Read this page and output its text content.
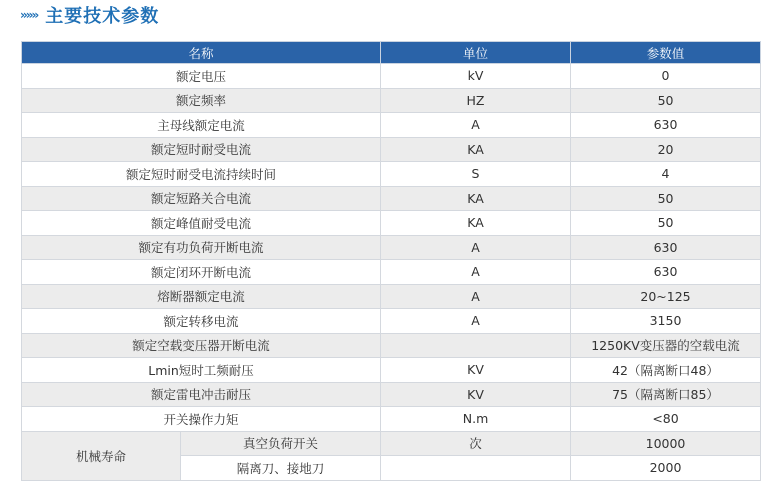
»»» 主要技术参数
名称		单位	参数值
额定电压		kV	0
额定频率		HZ	50
主母线额定电流		A	630
额定短时耐受电流		KA	20
额定短时耐受电流持续时间		S	4
额定短路关合电流		KA	50
额定峰值耐受电流		KA	50
额定有功负荷开断电流		A	630
额定闭环开断电流		A	630
熔断器额定电流		A	20~125
额定转移电流		A	3150
额定空载变压器开断电流			1250KV变压器的空载电流
Lmin短时工频耐压		KV	42（隔离断口48）
额定雷电冲击耐压		KV	75（隔离断口85）
开关操作力矩		N.m	<80
机械寿命	真空负荷开关	次	10000
	隔离刀、接地刀		2000
